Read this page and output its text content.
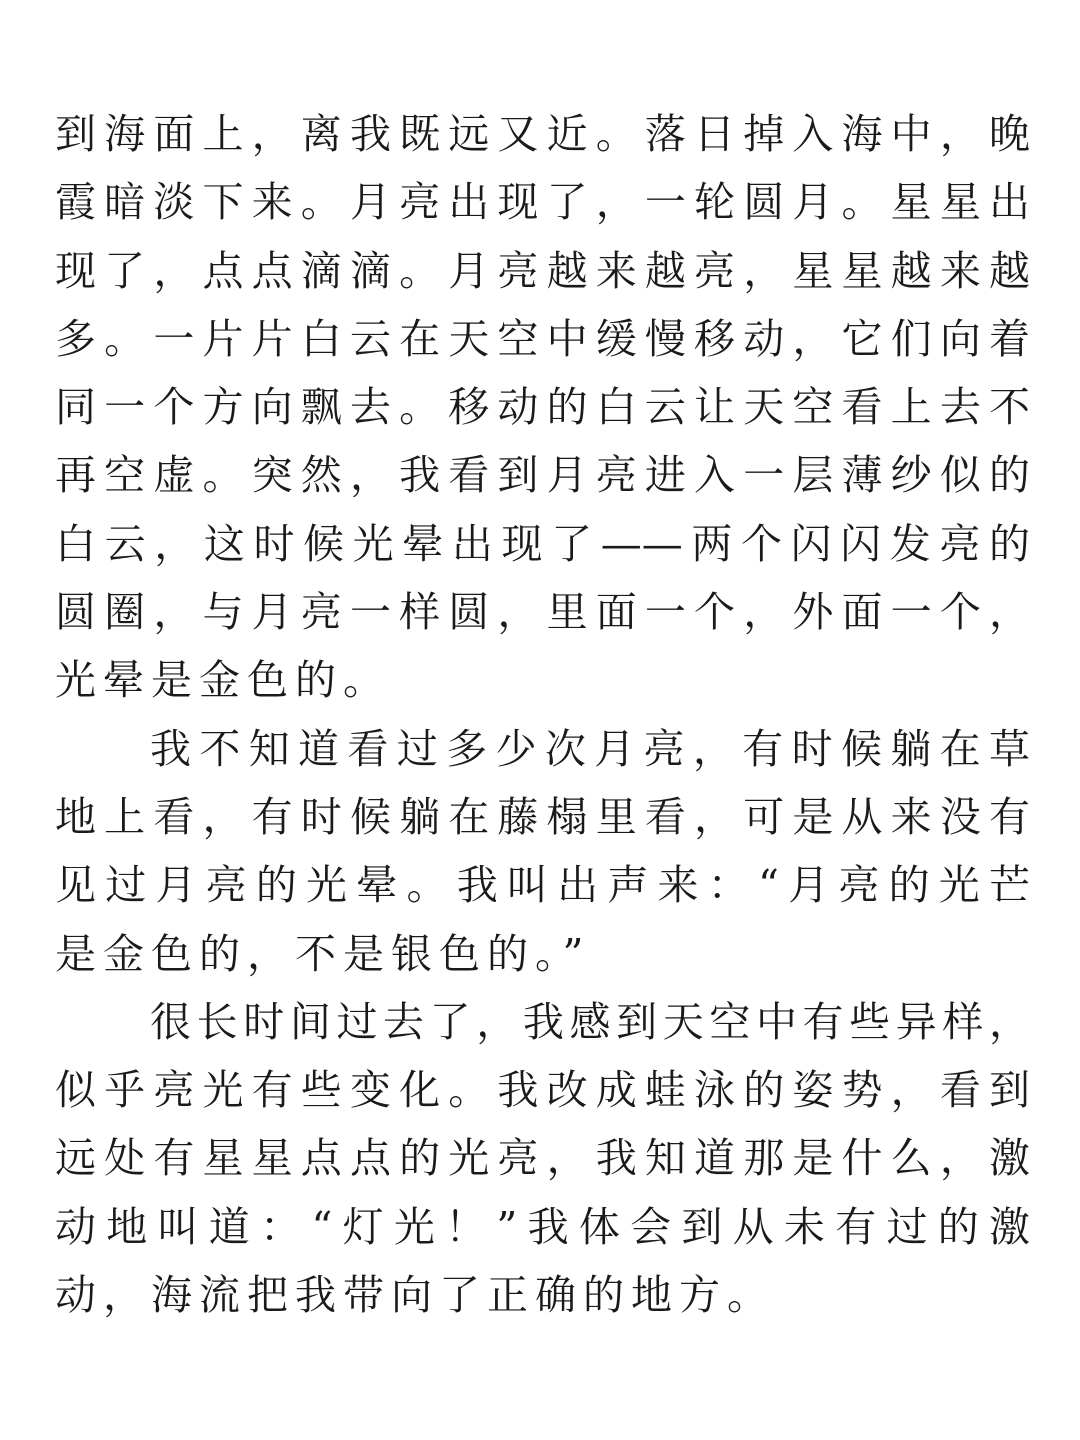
到海面上，离我既远又近。落日掉入海中，晚
霞暗淡下来。月亮出现了，一轮圆月。星星出
现了，点点滴滴。月亮越来越亮，星星越来越
多。一片片白云在天空中缓慢移动，它们向着
同一个方向飘去。移动的白云让天空看上去不
再空虚。突然，我看到月亮进入一层薄纱似的
白云，这时候光晕出现了——两个闪闪发亮的
圆圈，与月亮一样圆，里面一个，外面一个，
光晕是金色的。
我不知道看过多少次月亮，有时候躺在草
地上看，有时候躺在藤榻里看，可是从来没有
见过月亮的光晕。我叫出声来：“月亮的光芒
是金色的，不是银色的。”
很长时间过去了，我感到天空中有些异样，
似乎亮光有些变化。我改成蛙泳的姿势，看到
远处有星星点点的光亮，我知道那是什么，激
动地叫道：“灯光！”我体会到从未有过的激
动，海流把我带向了正确的地方。
